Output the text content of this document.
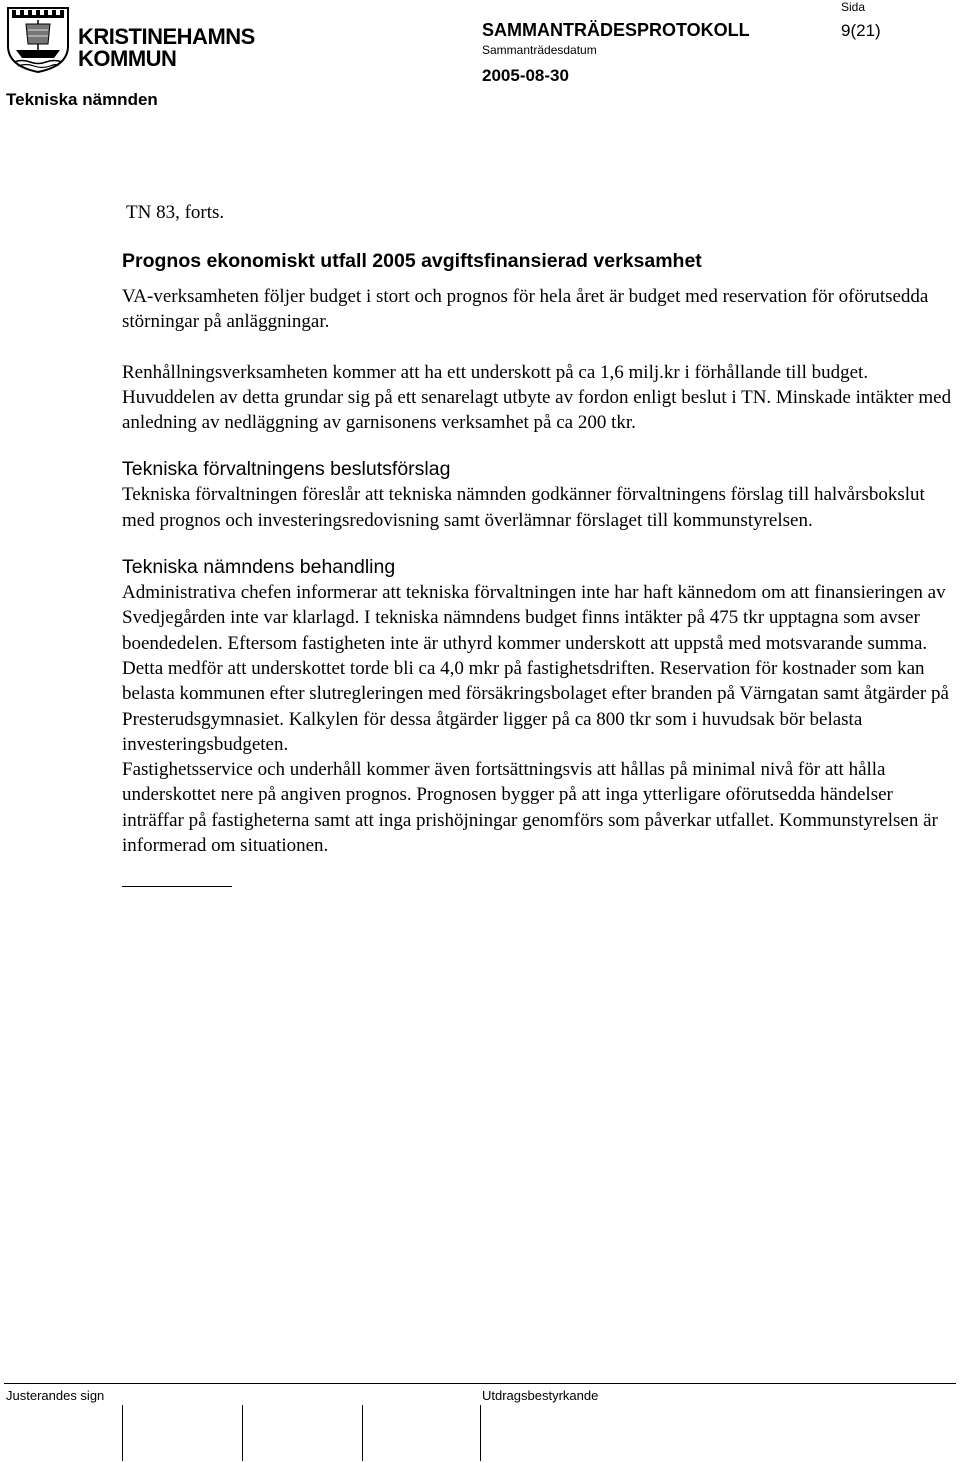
KRISTINEHAMNS
KOMMUN
Tekniska nämnden
SAMMANTRÄDESPROTOKOLL
Sammanträdesdatum
2005-08-30
Sida
9(21)

TN 83, forts.

Prognos ekonomiskt utfall 2005 avgiftsfinansierad verksamhet

VA-verksamheten följer budget i stort och prognos för hela året är budget med reservation för oförutsedda störningar på anläggningar.

Renhållningsverksamheten kommer att ha ett underskott på ca 1,6 milj.kr i förhållande till budget. Huvuddelen av detta grundar sig på ett senarelagt utbyte av fordon enligt beslut i TN. Minskade intäkter med anledning av nedläggning av garnisonens verksamhet på ca 200 tkr.

Tekniska förvaltningens beslutsförslag

Tekniska förvaltningen föreslår att tekniska nämnden godkänner förvaltningens förslag till halvårsbokslut med prognos och investeringsredovisning samt överlämnar förslaget till kommunstyrelsen.

Tekniska nämndens behandling

Administrativa chefen informerar att tekniska förvaltningen inte har haft kännedom om att finansieringen av Svedjegården inte var klarlagd. I tekniska nämndens budget finns intäkter på 475 tkr upptagna som avser boendedelen. Eftersom fastigheten inte är uthyrd kommer underskott att uppstå med motsvarande summa. Detta medför att underskottet torde bli ca 4,0 mkr på fastighetsdriften. Reservation för kostnader som kan belasta kommunen efter slutregleringen med försäkringsbolaget efter branden på Värngatan samt åtgärder på Presterudsgymnasiet. Kalkylen för dessa åtgärder ligger på ca 800 tkr som i huvudsak bör belasta investeringsbudgeten.

Fastighetsservice och underhåll kommer även fortsättningsvis att hållas på minimal nivå för att hålla underskottet nere på angiven prognos. Prognosen bygger på att inga ytterligare oförutsedda händelser inträffar på fastigheterna samt att inga prishöjningar genomförs som påverkar utfallet. Kommunstyrelsen är informerad om situationen.

Justerandes sign	Utdragsbestyrkande
